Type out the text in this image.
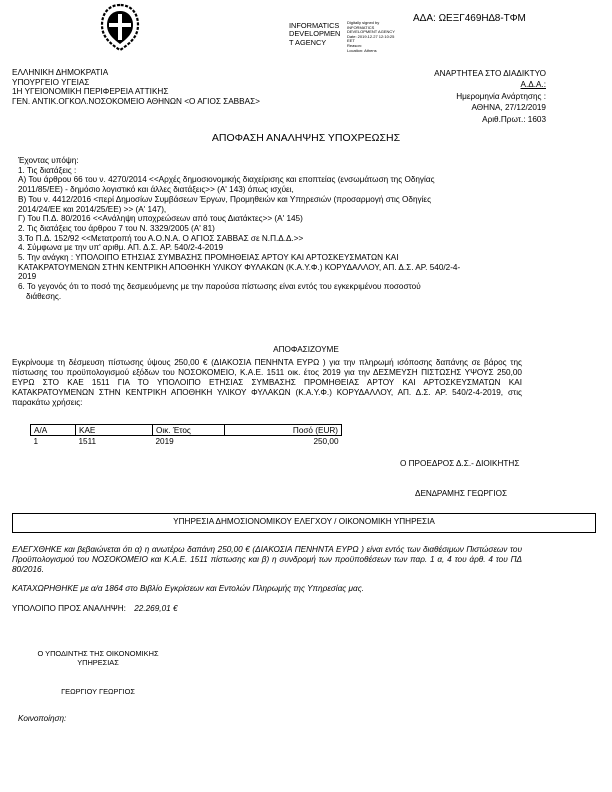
ΑΔΑ: ΩΕΞΓ469Η∆8-ΤΦΜ
INFORMATICS
DEVELOPMEN
T AGENCY
Digitally signed by
INFORMATICS
DEVELOPMENT AGENCY
Date: 2019.12.27 12:10:25
EET
Reason:
Location: Athens
ΕΛΛΗΝΙΚΗ ΔΗΜΟΚΡΑΤΙΑ
ΥΠΟΥΡΓΕΙΟ ΥΓΕΙΑΣ
1Η ΥΓΕΙΟΝΟΜΙΚΗ ΠΕΡΙΦΕΡΕΙΑ ΑΤΤΙΚΗΣ
ΓΕΝ. ΑΝΤΙΚ.ΟΓΚΟΛ.ΝΟΣΟΚΟΜΕΙΟ ΑΘΗΝΩΝ <Ο ΑΓΙΟΣ ΣΑΒΒΑΣ>
ΑΝΑΡΤΗΤΕΑ ΣΤΟ ΔΙΑΔΙΚΤΥΟ
Α.Δ.Α.:
Ημερομηνία Ανάρτησης :
ΑΘΗΝΑ, 27/12/2019
Αριθ.Πρωτ.: 1603
ΑΠΟΦΑΣΗ ΑΝΑΛΗΨΗΣ ΥΠΟΧΡΕΩΣΗΣ
Έχοντας υπόψη:
1. Τις διατάξεις :
Α) Του άρθρου 66 του ν. 4270/2014 <<Αρχές δημοσιονομικής διαχείρισης και εποπτείας (ενσωμάτωση της Οδηγίας
2011/85/ΕΕ) - δημόσιο λογιστικό και άλλες διατάξεις>> (Α' 143) όπως ισχύει,
Β) Του ν. 4412/2016 <περί Δημοσίων Συμβάσεων Έργων, Προμηθειών και Υπηρεσιών (προσαρμογή στις Οδηγίες
2014/24/ΕΕ και 2014/25/ΕΕ) >> (Α' 147),
Γ) Του Π.Δ. 80/2016 <<Ανάληψη υποχρεώσεων από τους Διατάκτες>> (Α' 145)
2. Τις διατάξεις του άρθρου 7 του Ν. 3329/2005 (Α' 81)
3.Το Π.Δ. 152/92 <<Μετατροπή του Α.Ο.Ν.Α. Ο ΑΓΙΟΣ ΣΑΒΒΑΣ σε Ν.Π.Δ.Δ.>>
4. Σύμφωνα με την υπ' αριθμ. ΑΠ. Δ.Σ. ΑΡ. 540/2-4-2019
5. Την ανάγκη : ΥΠΟΛΟΙΠΟ ΕΤΗΣΙΑΣ ΣΥΜΒΑΣΗΣ ΠΡΟΜΗΘΕΙΑΣ ΑΡΤΟΥ ΚΑΙ ΑΡΤΟΣΚΕΥΣΜΑΤΩΝ ΚΑΙ
ΚΑΤΑΚΡΑΤΟΥΜΕΝΩΝ ΣΤΗΝ ΚΕΝΤΡΙΚΗ ΑΠΟΘΗΚΗ ΥΛΙΚΟΥ ΦΥΛΑΚΩΝ (Κ.Α.Υ.Φ.) ΚΟΡΥΔΑΛΛΟΥ, ΑΠ. Δ.Σ. ΑΡ. 540/2-4-
2019
6. Το γεγονός ότι το ποσό της δεσμευόμενης με την παρούσα πίστωσης είναι εντός του εγκεκριμένου ποσοστού
διάθεσης.
ΑΠΟΦΑΣΙΖΟΥΜΕ
Εγκρίνουμε τη δέσμευση πίστωσης ύψους 250,00 € (ΔΙΑΚΟΣΙΑ ΠΕΝΗΝΤΑ ΕΥΡΩ ) για την πληρωμή ισόποσης δαπάνης σε βάρος της πίστωσης του προϋπολογισμού εξόδων του ΝΟΣΟΚΟΜΕΙΟ, Κ.Α.Ε. 1511 οικ. έτος 2019 για την ΔΕΣΜΕΥΣΗ ΠΙΣΤΩΣΗΣ ΥΨΟΥΣ 250,00 ΕΥΡΩ ΣΤΟ ΚΑΕ 1511 ΓΙΑ ΤΟ ΥΠΟΛΟΙΠΟ ΕΤΗΣΙΑΣ ΣΥΜΒΑΣΗΣ ΠΡΟΜΗΘΕΙΑΣ ΑΡΤΟΥ ΚΑΙ ΑΡΤΟΣΚΕΥΣΜΑΤΩΝ ΚΑΙ ΚΑΤΑΚΡΑΤΟΥΜΕΝΩΝ ΣΤΗΝ ΚΕΝΤΡΙΚΗ ΑΠΟΘΗΚΗ ΥΛΙΚΟΥ ΦΥΛΑΚΩΝ (Κ.Α.Υ.Φ.) ΚΟΡΥΔΑΛΛΟΥ, ΑΠ. Δ.Σ. ΑΡ. 540/2-4-2019, στις παρακάτω χρήσεις:
Α/Α	ΚΑΕ	Οικ. Έτος	Ποσό (EUR)
1	1511	2019	250,00
Ο ΠΡΟΕΔΡΟΣ Δ.Σ.- ΔΙΟΙΚΗΤΗΣ
ΔΕΝ∆ΡΑΜΗΣ ΓΕΩΡΓΙΟΣ
ΥΠΗΡΕΣΙΑ ΔΗΜΟΣΙΟΝΟΜΙΚΟΥ ΕΛΕΓΧΟΥ / ΟΙΚΟΝΟΜΙΚΗ ΥΠΗΡΕΣΙΑ
ΕΛΕΓΧΘΗΚΕ και βεβαιώνεται ότι α) η ανωτέρω δαπάνη 250,00 € (ΔΙΑΚΟΣΙΑ ΠΕΝΗΝΤΑ ΕΥΡΩ ) είναι εντός των διαθέσιμων Πιστώσεων του Προϋπολογισμού του ΝΟΣΟΚΟΜΕΙΟ και Κ.Α.Ε. 1511 πίστωσης και β) η συνδρομή των προϋποθέσεων των παρ. 1 α, 4 του άρθ. 4 του ΠΔ 80/2016.
ΚΑΤΑΧΩΡΗΘΗΚΕ με α/α 1864 στο Βιβλίο Εγκρίσεων και Εντολών Πληρωμής της Υπηρεσίας μας.
ΥΠΟΛΟΙΠΟ ΠΡΟΣ ΑΝΑΛΗΨΗ: 22.269,01 €
Ο ΥΠΟΔΙΝΤΗΣ ΤΗΣ ΟΙΚΟΝΟΜΙΚΗΣ
ΥΠΗΡΕΣΙΑΣ
ΓΕΩΡΓΙΟΥ ΓΕΩΡΓΙΟΣ
Κοινοποίηση:
